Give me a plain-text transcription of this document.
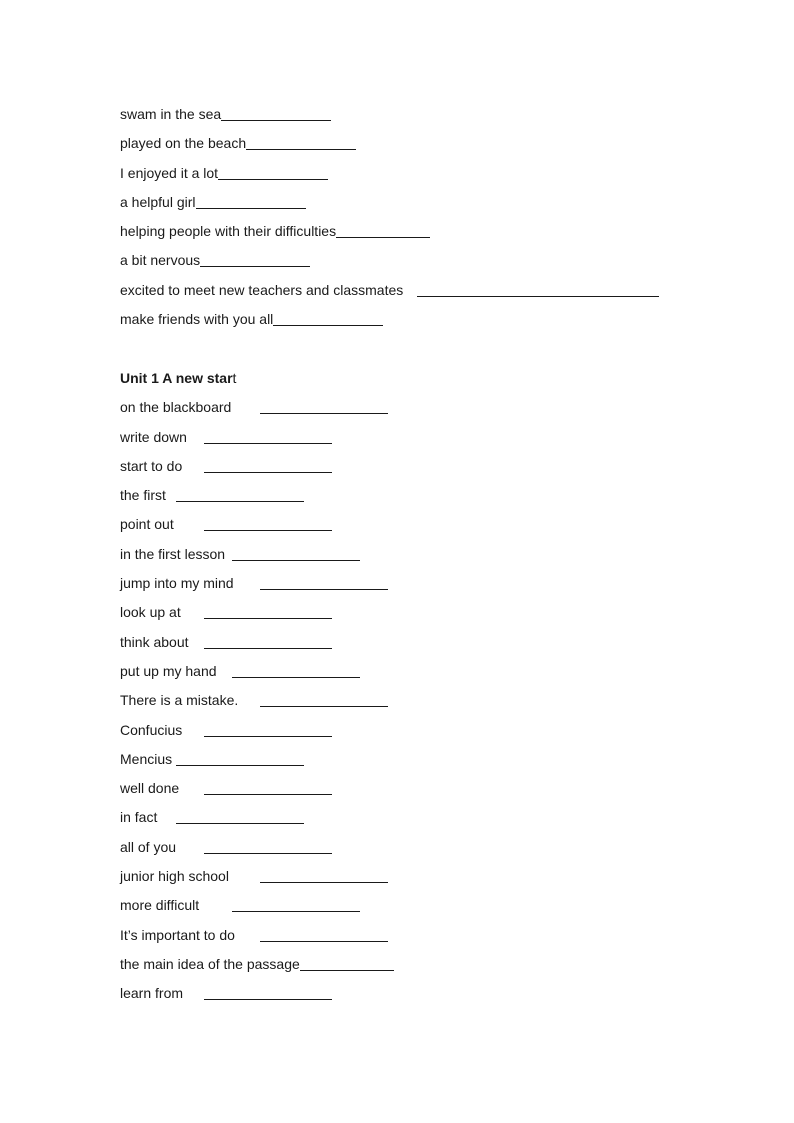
swam in the sea
played on the beach
I enjoyed it a lot
a helpful girl
helping people with their difficulties
a bit nervous
excited to meet new teachers and classmates
make friends with you all
Unit 1 A new start
on the blackboard
write down
start to do
the first
point out
in the first lesson
jump into my mind
look up at
think about
put up my hand
There is a mistake.
Confucius
Mencius
well done
in fact
all of you
junior high school
more difficult
It’s important to do
the main idea of the passage
learn from
